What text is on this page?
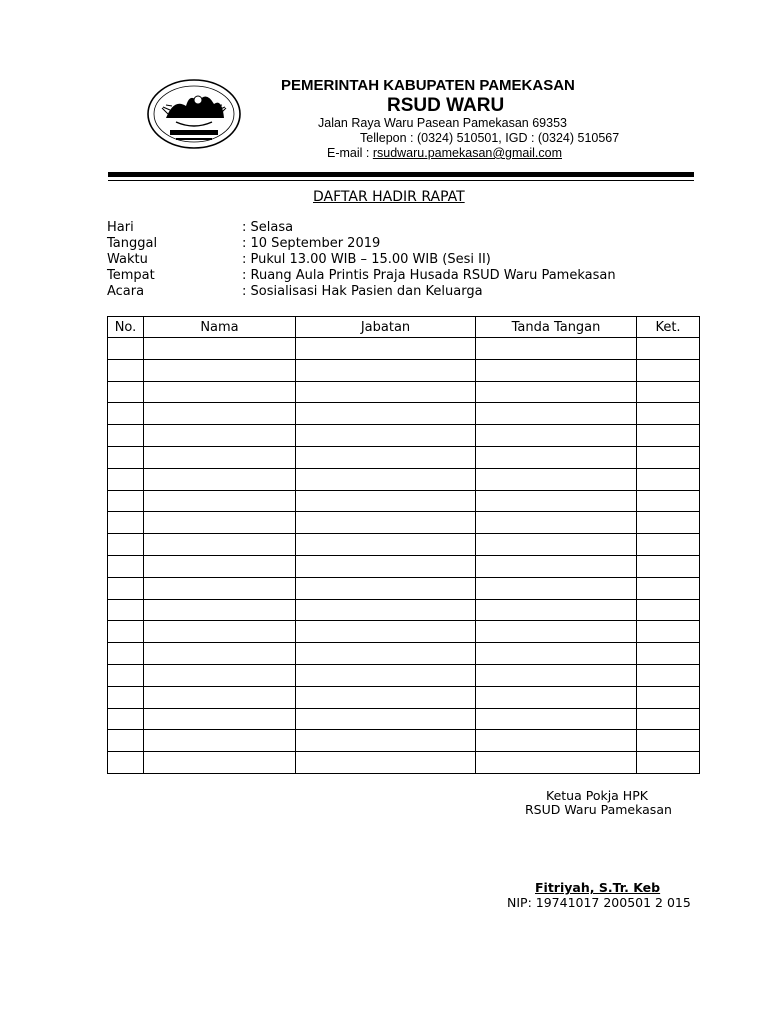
PEMERINTAH KABUPATEN PAMEKASAN
RSUD WARU
Jalan Raya Waru Pasean Pamekasan 69353
Tellepon : (0324) 510501, IGD : (0324) 510567
E-mail : rsudwaru.pamekasan@gmail.com
DAFTAR HADIR RAPAT
Hari	: Selasa
Tanggal	: 10 September 2019
Waktu	: Pukul 13.00 WIB – 15.00 WIB (Sesi II)
Tempat	: Ruang Aula Printis Praja Husada RSUD Waru Pamekasan
Acara	: Sosialisasi Hak Pasien dan Keluarga
No.	Nama	Jabatan	Tanda Tangan	Ket.

Ketua Pokja HPK
RSUD Waru Pamekasan
Fitriyah, S.Tr. Keb
NIP: 19741017 200501 2 015
